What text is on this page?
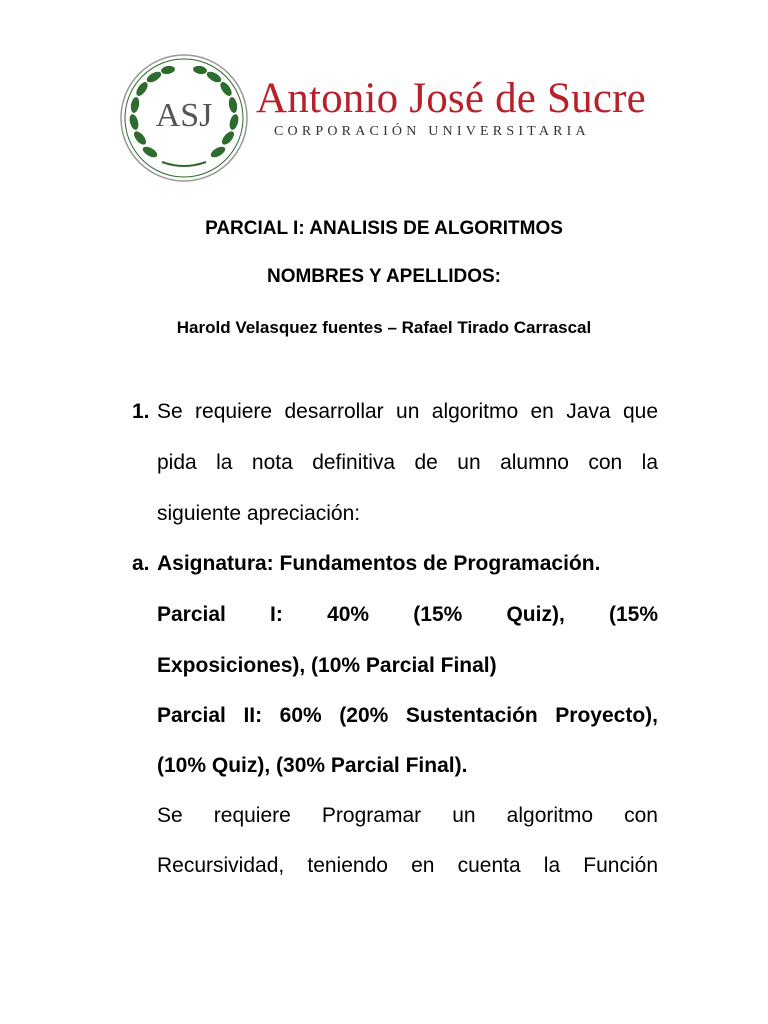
ASJ Antonio José de Sucre
CORPORACIÓN UNIVERSITARIA
PARCIAL I: ANALISIS DE ALGORITMOS
NOMBRES Y APELLIDOS:
Harold Velasquez fuentes – Rafael Tirado Carrascal
1. Se requiere desarrollar un algoritmo en Java que
pida la nota definitiva de un alumno con la
siguiente apreciación:
a. Asignatura: Fundamentos de Programación.
Parcial I: 40% (15% Quiz), (15%
Exposiciones), (10% Parcial Final)
Parcial II: 60% (20% Sustentación Proyecto),
(10% Quiz), (30% Parcial Final).
Se requiere Programar un algoritmo con
Recursividad, teniendo en cuenta la Función
